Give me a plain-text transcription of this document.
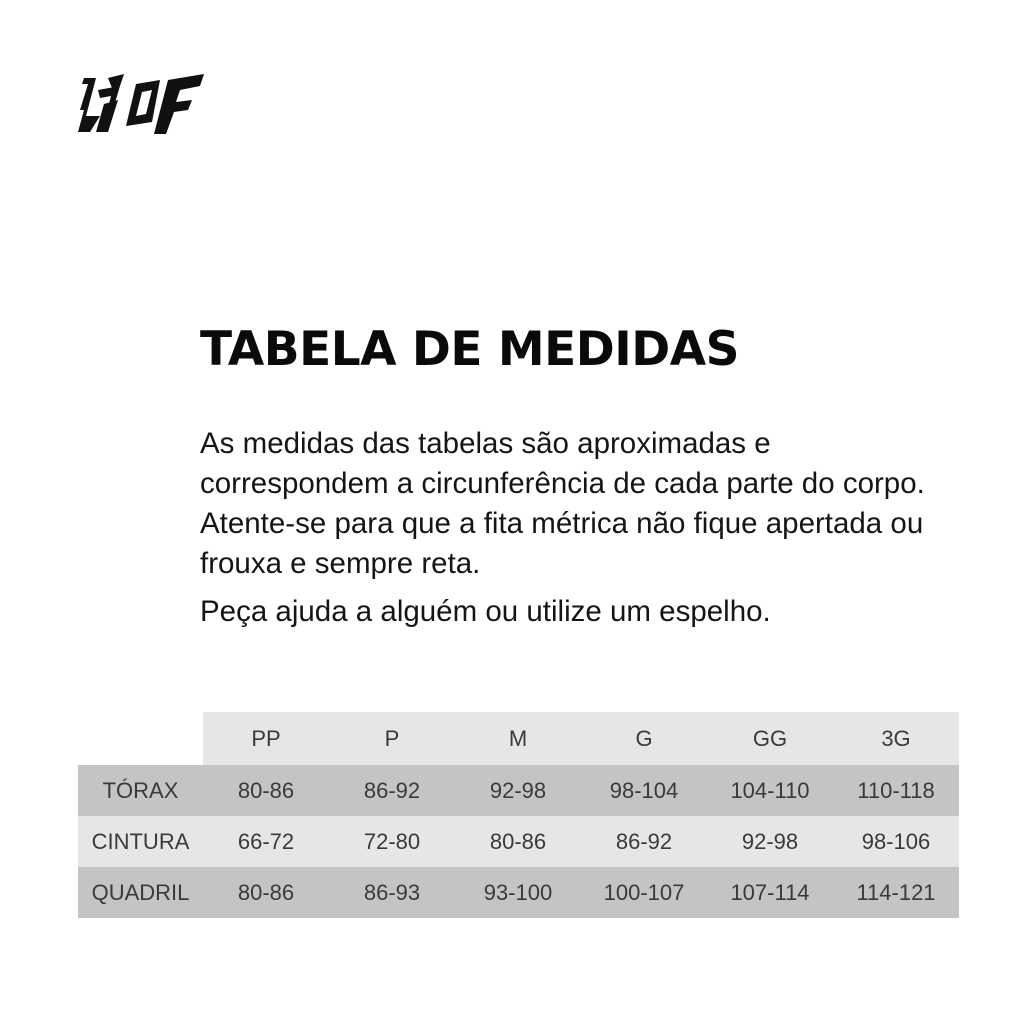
TABELA DE MEDIDAS

As medidas das tabelas são aproximadas e correspondem a circunferência de cada parte do corpo. Atente-se para que a fita métrica não fique apertada ou frouxa e sempre reta.

Peça ajuda a alguém ou utilize um espelho.

	PP	P	M	G	GG	3G
TÓRAX	80-86	86-92	92-98	98-104	104-110	110-118
CINTURA	66-72	72-80	80-86	86-92	92-98	98-106
QUADRIL	80-86	86-93	93-100	100-107	107-114	114-121
